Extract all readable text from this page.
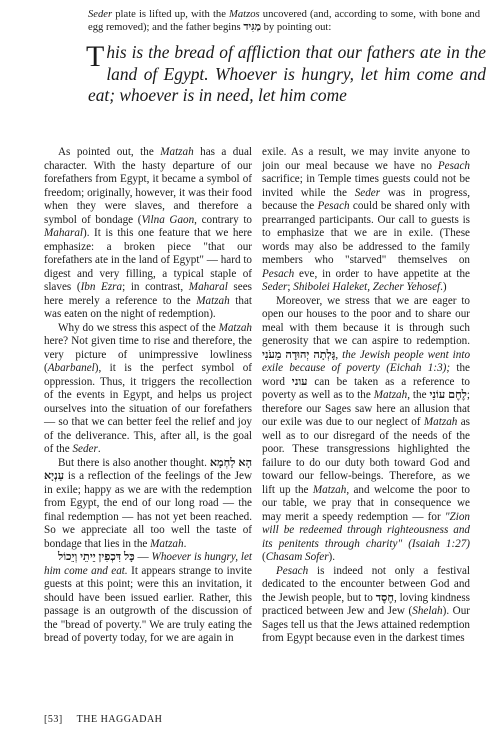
Seder plate is lifted up, with the Matzos uncovered (and, according to some, with bone and egg removed); and the father begins מַגִּיד by pointing out:
This is the bread of affliction that our fathers ate in the land of Egypt. Whoever is hungry, let him come and eat; whoever is in need, let him come

As pointed out, the Matzah has a dual character. With the hasty departure of our forefathers from Egypt, it became a symbol of freedom; originally, however, it was their food when they were slaves, and therefore a symbol of bondage (Vilna Gaon, contrary to Maharal). It is this one feature that we here emphasize: a broken piece "that our forefathers ate in the land of Egypt" — hard to digest and very filling, a typical staple of slaves (Ibn Ezra; in contrast, Maharal sees here merely a reference to the Matzah that was eaten on the night of redemption).

Why do we stress this aspect of the Matzah here? Not given time to rise and therefore, the very picture of unimpressive lowliness (Abarbanel), it is the perfect symbol of oppression. Thus, it triggers the recollection of the events in Egypt, and helps us project ourselves into the situation of our forefathers — so that we can better feel the relief and joy of the deliverance. This, after all, is the goal of the Seder.

But there is also another thought. הָא לַחְמָא עַנְיָא is a reflection of the feelings of the Jew in exile; happy as we are with the redemption from Egypt, the end of our long road — the final redemption — has not yet been reached. So we appreciate all too well the taste of bondage that lies in the Matzah.

כָּל דִּכְפִין יֵיתֵי וְיֵכוֹל — Whoever is hungry, let him come and eat. It appears strange to invite guests at this point; were this an invitation, it should have been issued earlier. Rather, this passage is an outgrowth of the discussion of the "bread of poverty." We are truly eating the bread of poverty today, for we are again in

exile. As a result, we may invite anyone to join our meal because we have no Pesach sacrifice; in Temple times guests could not be invited while the Seder was in progress, because the Pesach could be shared only with prearranged participants. Our call to guests is to emphasize that we are in exile. (These words may also be addressed to the family members who "starved" themselves on Pesach eve, in order to have appetite at the Seder; Shibolei Haleket, Zecher Yehosef.)

Moreover, we stress that we are eager to open our houses to the poor and to share our meal with them because it is through such generosity that we can aspire to redemption. גָּלְתָה יְהוּדָה מֵעֹנִי, the Jewish people went into exile because of poverty (Eichah 1:3); the word עוני can be taken as a reference to poverty as well as to the Matzah, the לֶחֶם עוֹנִי; therefore our Sages saw here an allusion that our exile was due to our neglect of Matzah as well as to our disregard of the needs of the poor. These transgressions highlighted the failure to do our duty both toward God and toward our fellow-beings. Therefore, as we lift up the Matzah, and welcome the poor to our table, we pray that in consequence we may merit a speedy redemption — for "Zion will be redeemed through righteousness and its penitents through charity" (Isaiah 1:27) (Chasam Sofer).

Pesach is indeed not only a festival dedicated to the encounter between God and the Jewish people, but to חֶסֶד, loving kindness practiced between Jew and Jew (Shelah). Our Sages tell us that the Jews attained redemption from Egypt because even in the darkest times

[53] THE HAGGADAH
